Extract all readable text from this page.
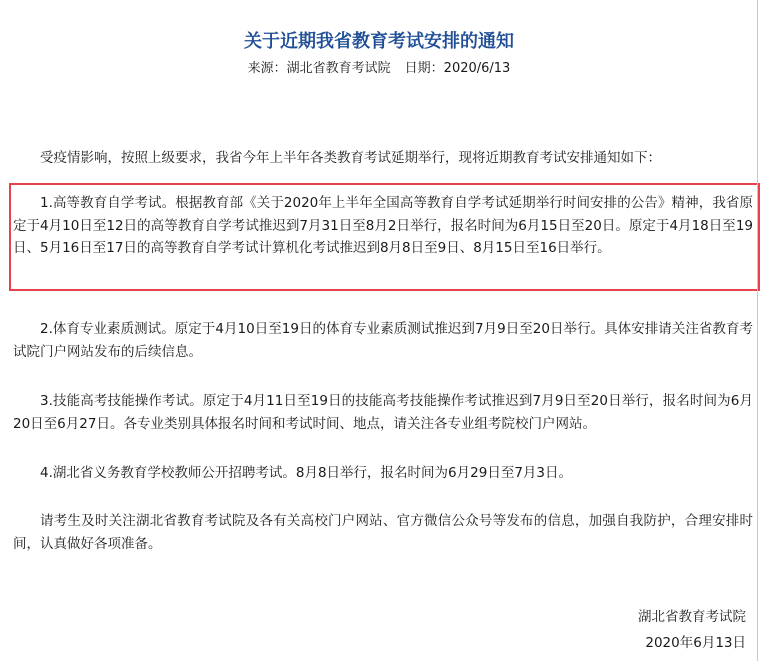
关于近期我省教育考试安排的通知
来源：湖北省教育考试院 日期：2020/6/13

受疫情影响，按照上级要求，我省今年上半年各类教育考试延期举行，现将近期教育考试安排通知如下：

1.高等教育自学考试。根据教育部《关于2020年上半年全国高等教育自学考试延期举行时间安排的公告》精神，我省原定于4月10日至12日的高等教育自学考试推迟到7月31日至8月2日举行，报名时间为6月15日至20日。原定于4月18日至19日、5月16日至17日的高等教育自学考试计算机化考试推迟到8月8日至9日、8月15日至16日举行。

2.体育专业素质测试。原定于4月10日至19日的体育专业素质测试推迟到7月9日至20日举行。具体安排请关注省教育考试院门户网站发布的后续信息。

3.技能高考技能操作考试。原定于4月11日至19日的技能高考技能操作考试推迟到7月9日至20日举行，报名时间为6月20日至6月27日。各专业类别具体报名时间和考试时间、地点，请关注各专业组考院校门户网站。

4.湖北省义务教育学校教师公开招聘考试。8月8日举行，报名时间为6月29日至7月3日。

请考生及时关注湖北省教育考试院及各有关高校门户网站、官方微信公众号等发布的信息，加强自我防护，合理安排时间，认真做好各项准备。

湖北省教育考试院
2020年6月13日
